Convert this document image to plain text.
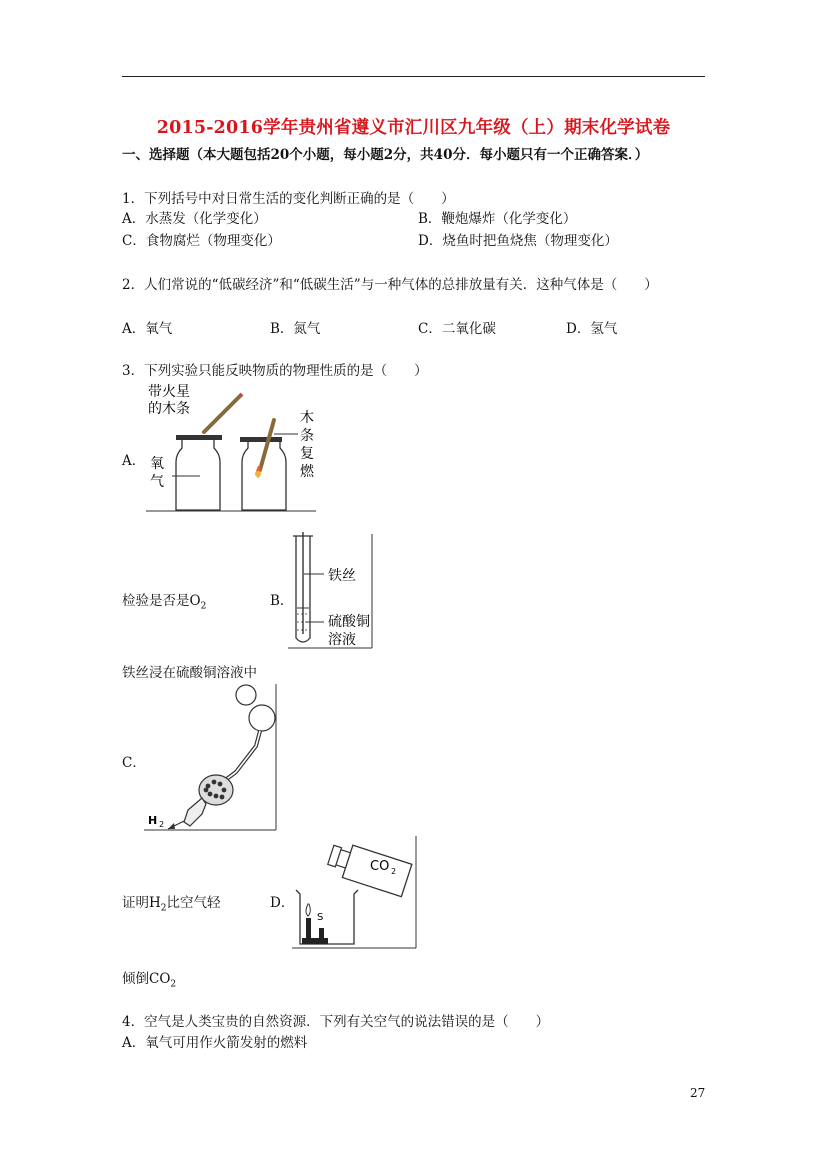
2015-2016学年贵州省遵义市汇川区九年级（上）期末化学试卷
一、选择题（本大题包括20个小题，每小题2分，共40分．每小题只有一个正确答案．）
1．下列括号中对日常生活的变化判断正确的是（　　）
A．水蒸发（化学变化）	B．鞭炮爆炸（化学变化）
C．食物腐烂（物理变化）	D．烧鱼时把鱼烧焦（物理变化）
2．人们常说的“低碳经济”和“低碳生活”与一种气体的总排放量有关．这种气体是（　　）
A．氧气	B．氮气	C．二氧化碳	D．氢气
3．下列实验只能反映物质的物理性质的是（　　）
A．
带火星
的木条
氧
气
木
条
复
燃
检验是否是$O_2$	B．
铁丝
硫酸铜
溶液
铁丝浸在硫酸铜溶液中
C．
H 2
证明$H_2$比空气轻	D．
CO 2
S
倾倒$CO_2$
4．空气是人类宝贵的自然资源．下列有关空气的说法错误的是（　　）
A．氧气可用作火箭发射的燃料
27
